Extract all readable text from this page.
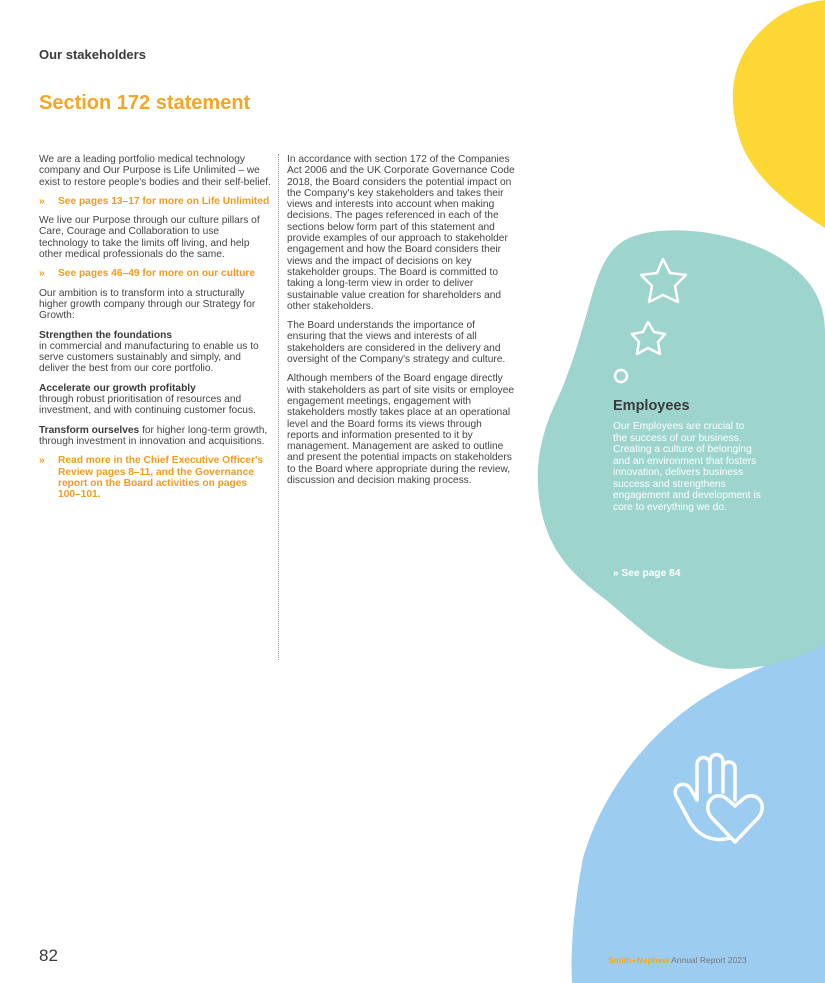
Our stakeholders
Section 172 statement

We are a leading portfolio medical technology company and Our Purpose is Life Unlimited – we exist to restore people's bodies and their self-belief.

»	See pages 13–17 for more on Life Unlimited

We live our Purpose through our culture pillars of Care, Courage and Collaboration to use technology to take the limits off living, and help other medical professionals do the same.

»	See pages 46–49 for more on our culture

Our ambition is to transform into a structurally higher growth company through our Strategy for Growth:

Strengthen the foundations
in commercial and manufacturing to enable us to serve customers sustainably and simply, and deliver the best from our core portfolio.

Accelerate our growth profitably
through robust prioritisation of resources and investment, and with continuing customer focus.

Transform ourselves for higher long-term growth, through investment in innovation and acquisitions.

»	Read more in the Chief Executive Officer's Review pages 8–11, and the Governance report on the Board activities on pages 100–101.

In accordance with section 172 of the Companies Act 2006 and the UK Corporate Governance Code 2018, the Board considers the potential impact on the Company's key stakeholders and takes their views and interests into account when making decisions. The pages referenced in each of the sections below form part of this statement and provide examples of our approach to stakeholder engagement and how the Board considers their views and the impact of decisions on key stakeholder groups. The Board is committed to taking a long-term view in order to deliver sustainable value creation for shareholders and other stakeholders.

The Board understands the importance of ensuring that the views and interests of all stakeholders are considered in the delivery and oversight of the Company's strategy and culture.

Although members of the Board engage directly with stakeholders as part of site visits or employee engagement meetings, engagement with stakeholders mostly takes place at an operational level and the Board forms its views through reports and information presented to it by management. Management are asked to outline and present the potential impacts on stakeholders to the Board where appropriate during the review, discussion and decision making process.

Employees
Our Employees are crucial to the success of our business. Creating a culture of belonging and an environment that fosters innovation, delivers business success and strengthens engagement and development is core to everything we do.
» See page 84
82	Smith+Nephew Annual Report 2023
